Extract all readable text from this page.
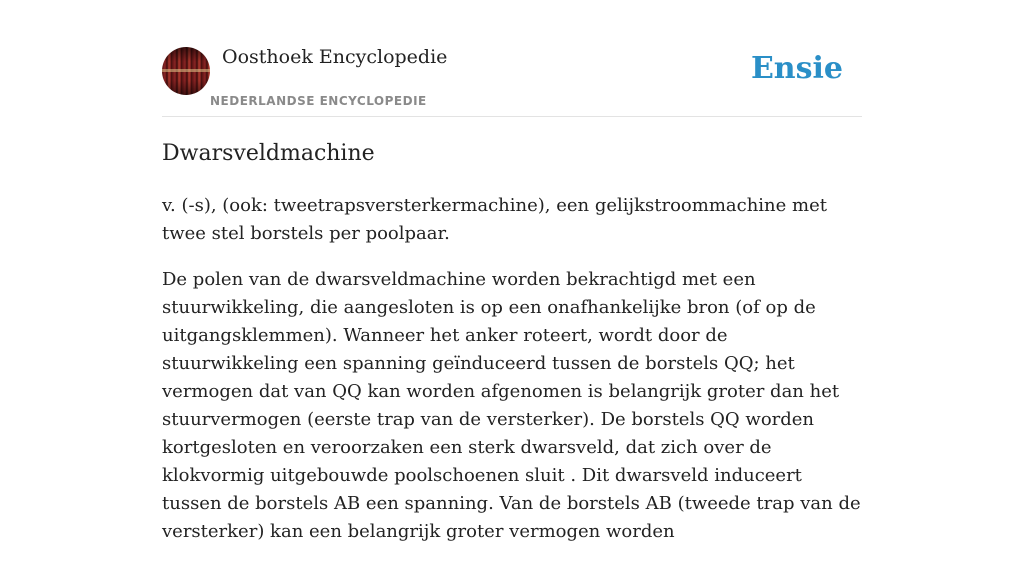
Oosthoek Encyclopedie
NEDERLANDSE ENCYCLOPEDIE
Ensie
Dwarsveldmachine

v. (-s), (ook: tweetrapsversterkermachine), een gelijkstroommachine met twee stel borstels per poolpaar.

De polen van de dwarsveldmachine worden bekrachtigd met een stuurwikkeling, die aangesloten is op een onafhankelijke bron (of op de uitgangsklemmen). Wanneer het anker roteert, wordt door de stuurwikkeling een spanning geïnduceerd tussen de borstels QQ; het vermogen dat van QQ kan worden afgenomen is belangrijk groter dan het stuurvermogen (eerste trap van de versterker). De borstels QQ worden kortgesloten en veroorzaken een sterk dwarsveld, dat zich over de klokvormig uitgebouwde poolschoenen sluit . Dit dwarsveld induceert tussen de borstels AB een spanning. Van de borstels AB (tweede trap van de versterker) kan een belangrijk groter vermogen worden
